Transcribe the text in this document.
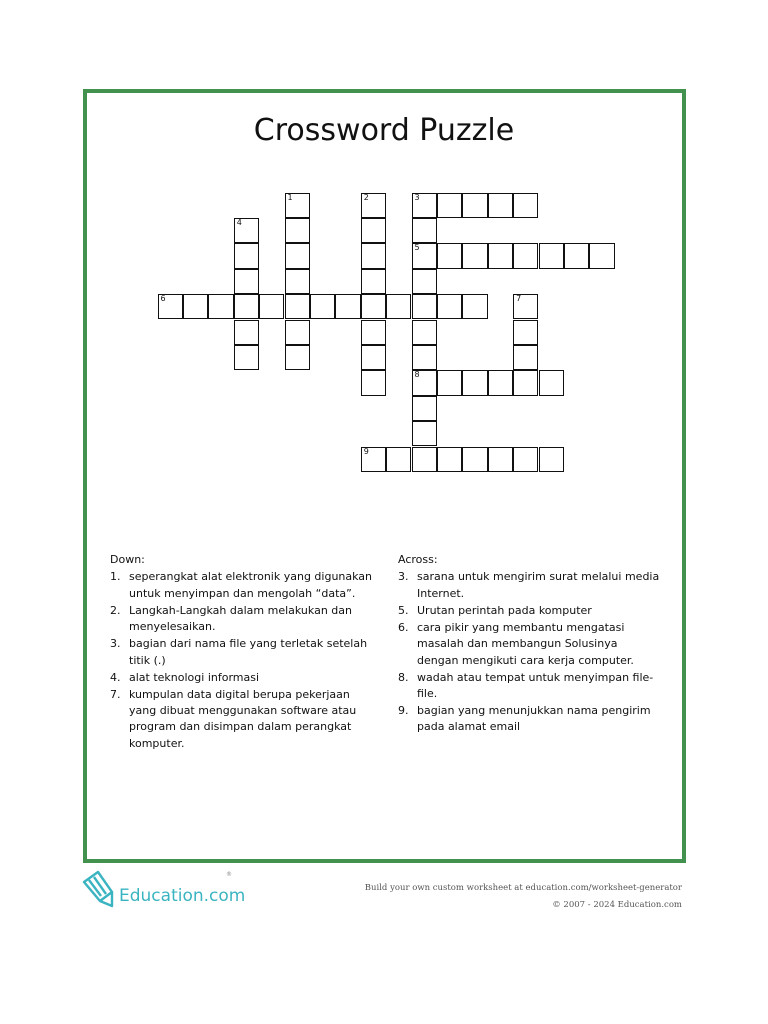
Crossword Puzzle
1	2	3
4
5
6	7
8
9
Down:
1. seperangkat alat elektronik yang digunakan untuk menyimpan dan mengolah “data”.
2. Langkah-Langkah dalam melakukan dan menyelesaikan.
3. bagian dari nama file yang terletak setelah titik (.)
4. alat teknologi informasi
7. kumpulan data digital berupa pekerjaan yang dibuat menggunakan software atau program dan disimpan dalam perangkat komputer.
Across:
3. sarana untuk mengirim surat melalui media Internet.
5. Urutan perintah pada komputer
6. cara pikir yang membantu mengatasi masalah dan membangun Solusinya dengan mengikuti cara kerja computer.
8. wadah atau tempat untuk menyimpan file-file.
9. bagian yang menunjukkan nama pengirim pada alamat email
Education.com
®
Build your own custom worksheet at education.com/worksheet-generator
© 2007 - 2024 Education.com
